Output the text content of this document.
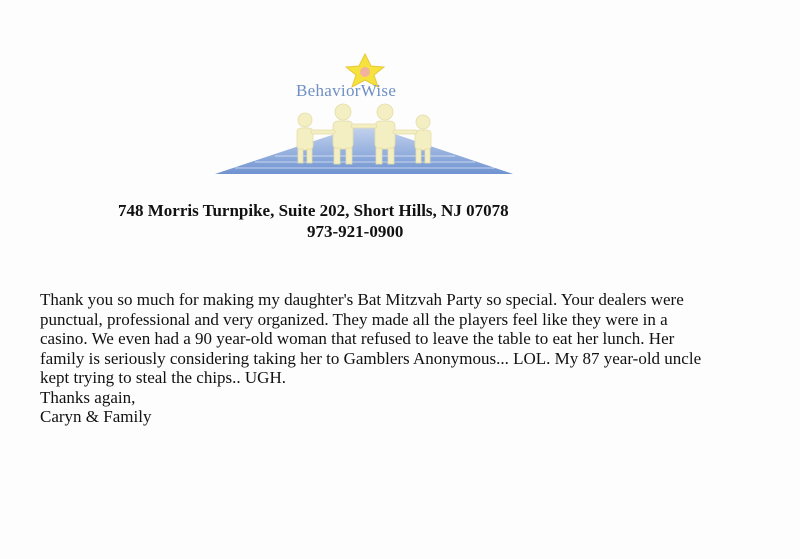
BehaviorWise
748 Morris Turnpike, Suite 202, Short Hills, NJ 07078
973-921-0900

Thank you so much for making my daughter's Bat Mitzvah Party so special. Your dealers were

punctual, professional and very organized. They made all the players feel like they were in a

casino. We even had a 90 year-old woman that refused to leave the table to eat her lunch. Her

family is seriously considering taking her to Gamblers Anonymous... LOL. My 87 year-old uncle

kept trying to steal the chips.. UGH.

Thanks again,

Caryn & Family
